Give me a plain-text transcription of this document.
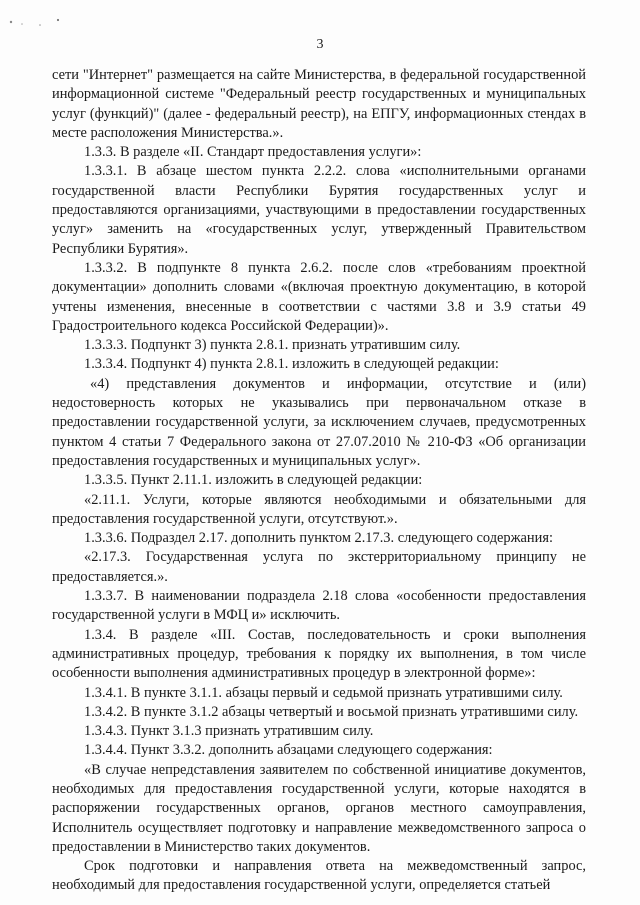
3

сети "Интернет" размещается на сайте Министерства, в федеральной государственной информационной системе "Федеральный реестр государственных и муниципальных услуг (функций)" (далее - федеральный реестр), на ЕПГУ, информационных стендах в месте расположения Министерства.».

1.3.3. В разделе «II. Стандарт предоставления услуги»:

1.3.3.1. В абзаце шестом пункта 2.2.2. слова «исполнительными органами государственной власти Республики Бурятия государственных услуг и предоставляются организациями, участвующими в предоставлении государственных услуг» заменить на «государственных услуг, утвержденный Правительством Республики Бурятия».

1.3.3.2. В подпункте 8 пункта 2.6.2. после слов «требованиям проектной документации» дополнить словами «(включая проектную документацию, в которой учтены изменения, внесенные в соответствии с частями 3.8 и 3.9 статьи 49 Градостроительного кодекса Российской Федерации)».

1.3.3.3. Подпункт 3) пункта 2.8.1. признать утратившим силу.

1.3.3.4. Подпункт 4) пункта 2.8.1. изложить в следующей редакции:

«4) представления документов и информации, отсутствие и (или) недостоверность которых не указывались при первоначальном отказе в предоставлении государственной услуги, за исключением случаев, предусмотренных пунктом 4 статьи 7 Федерального закона от 27.07.2010 № 210-ФЗ «Об организации предоставления государственных и муниципальных услуг».

1.3.3.5. Пункт 2.11.1. изложить в следующей редакции:

«2.11.1. Услуги, которые являются необходимыми и обязательными для предоставления государственной услуги, отсутствуют.».

1.3.3.6. Подраздел 2.17. дополнить пунктом 2.17.3. следующего содержания:

«2.17.3. Государственная услуга по экстерриториальному принципу не предоставляется.».

1.3.3.7. В наименовании подраздела 2.18 слова «особенности предоставления государственной услуги в МФЦ и» исключить.

1.3.4. В разделе «III. Состав, последовательность и сроки выполнения административных процедур, требования к порядку их выполнения, в том числе особенности выполнения административных процедур в электронной форме»:

1.3.4.1. В пункте 3.1.1. абзацы первый и седьмой признать утратившими силу.

1.3.4.2. В пункте 3.1.2 абзацы четвертый и восьмой признать утратившими силу.

1.3.4.3. Пункт 3.1.3 признать утратившим силу.

1.3.4.4. Пункт 3.3.2. дополнить абзацами следующего содержания:

«В случае непредставления заявителем по собственной инициативе документов, необходимых для предоставления государственной услуги, которые находятся в распоряжении государственных органов, органов местного самоуправления, Исполнитель осуществляет подготовку и направление межведомственного запроса о предоставлении в Министерство таких документов.

Срок подготовки и направления ответа на межведомственный запрос, необходимый для предоставления государственной услуги, определяется статьей
